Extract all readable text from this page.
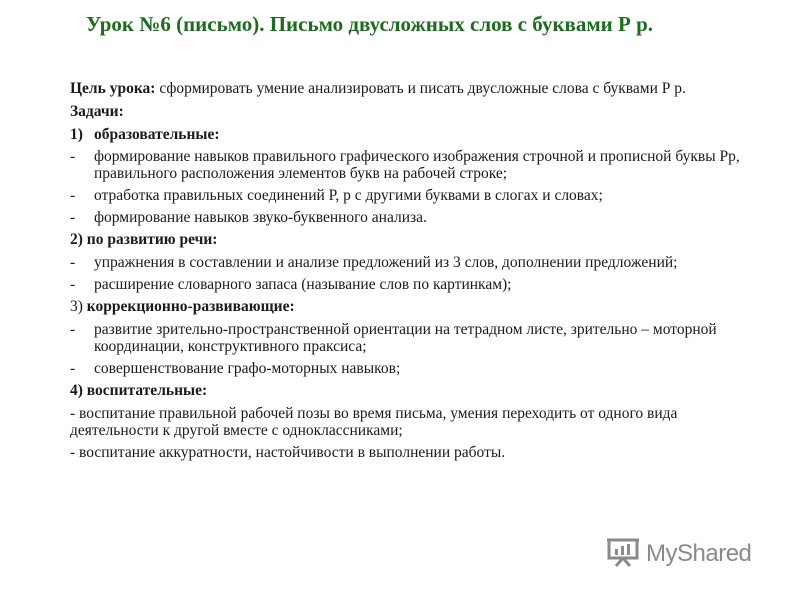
Урок №6 (письмо). Письмо двусложных слов с буквами Р р.
Цель урока: сформировать умение анализировать и писать двусложные слова с буквами Р р.
Задачи:
1) образовательные:
-	формирование навыков правильного графического изображения строчной и прописной буквы Рр, правильного расположения элементов букв на рабочей строке;
-	отработка правильных соединений Р, р с другими буквами в слогах и словах;
-	формирование навыков звуко-буквенного анализа.
2) по развитию речи:
-	упражнения в составлении и анализе предложений из 3 слов, дополнении предложений;
-	расширение словарного запаса (называние слов по картинкам);
3) коррекционно-развивающие:
-	развитие зрительно-пространственной ориентации на тетрадном листе, зрительно – моторной координации, конструктивного праксиса;
-	совершенствование графо-моторных навыков;
4) воспитательные:
- воспитание правильной рабочей позы во время письма, умения переходить от одного вида деятельности к другой вместе с одноклассниками;
- воспитание аккуратности, настойчивости в выполнении работы.
MyShared
